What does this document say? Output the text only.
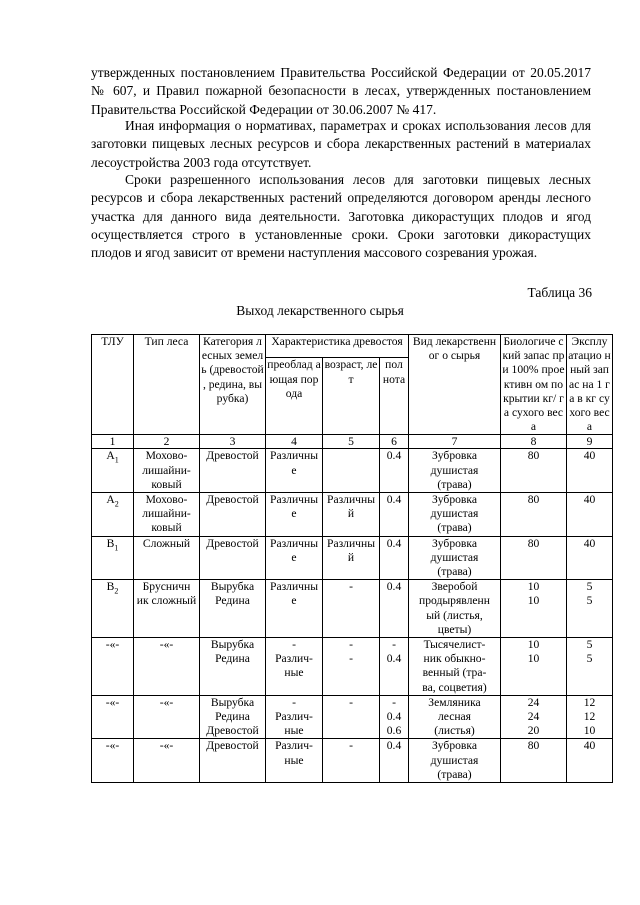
утвержденных постановлением Правительства Российской Федерации от 20.05.2017 № 607, и Правил пожарной безопасности в лесах, утвержденных постановлением Правительства Российской Федерации от 30.06.2007 № 417.

Иная информация о нормативах, параметрах и сроках использования лесов для заготовки пищевых лесных ресурсов и сбора лекарственных растений в материалах лесоустройства 2003 года отсутствует.

Сроки разрешенного использования лесов для заготовки пищевых лесных ресурсов и сбора лекарственных растений определяются договором аренды лесного участка для данного вида деятельности. Заготовка дикорастущих плодов и ягод осуществляется строго в установленные сроки. Сроки заготовки дикорастущих плодов и ягод зависит от времени наступления массового созревания урожая.

Таблица 36
Выход лекарственного сырья
ТЛУ	Тип леса	Категория лесных земель (древостой , редина, вырубка)	Характеристика древостоя			Вид лекарственног о сырья	Биологиче ский запас при 100% проективн ом покрытии кг/ га сухого веса	Эксплу атацио нный запас на 1 га в кг сухого веса
			преоблад ающая порода	возраст, лет	пол нота			
1	2	3	4	5	6	7	8	9
$A_1$	Мохово-
лишайни-
ковый	Древостой	Различны
е		0.4	Зубровка
душистая
(трава)	80	40

$A_2$	Мохово-
лишайни-
ковый	Древостой	Различны
е	Различны
й	0.4	Зубровка
душистая
(трава)	80	40

$B_1$	Сложный	Древостой	Различны
е	Различны
й	0.4	Зубровка
душистая
(трава)	80	40

$B_2$	Брусничн
ик сложный	Вырубка
Редина	Различны
е	-	0.4	Зверобой
продырявленн
ый (листья,
цветы)	10
10	5
5

-«-	-«-	Вырубка
Редина	-
Различ-
ные	-
-	-
0.4	Тысячелист-
ник обыкно-
венный (тра-
ва, соцветия)	10
10	5
5

-«-	-«-	Вырубка
Редина
Древостой	-
Различ-
ные	-	-
0.4
0.6	Земляника
лесная
(листья)	24
24
20	12
12
10

-«-	-«-	Древостой	Различ-
ные	-	0.4	Зубровка
душистая
(трава)	80	40
